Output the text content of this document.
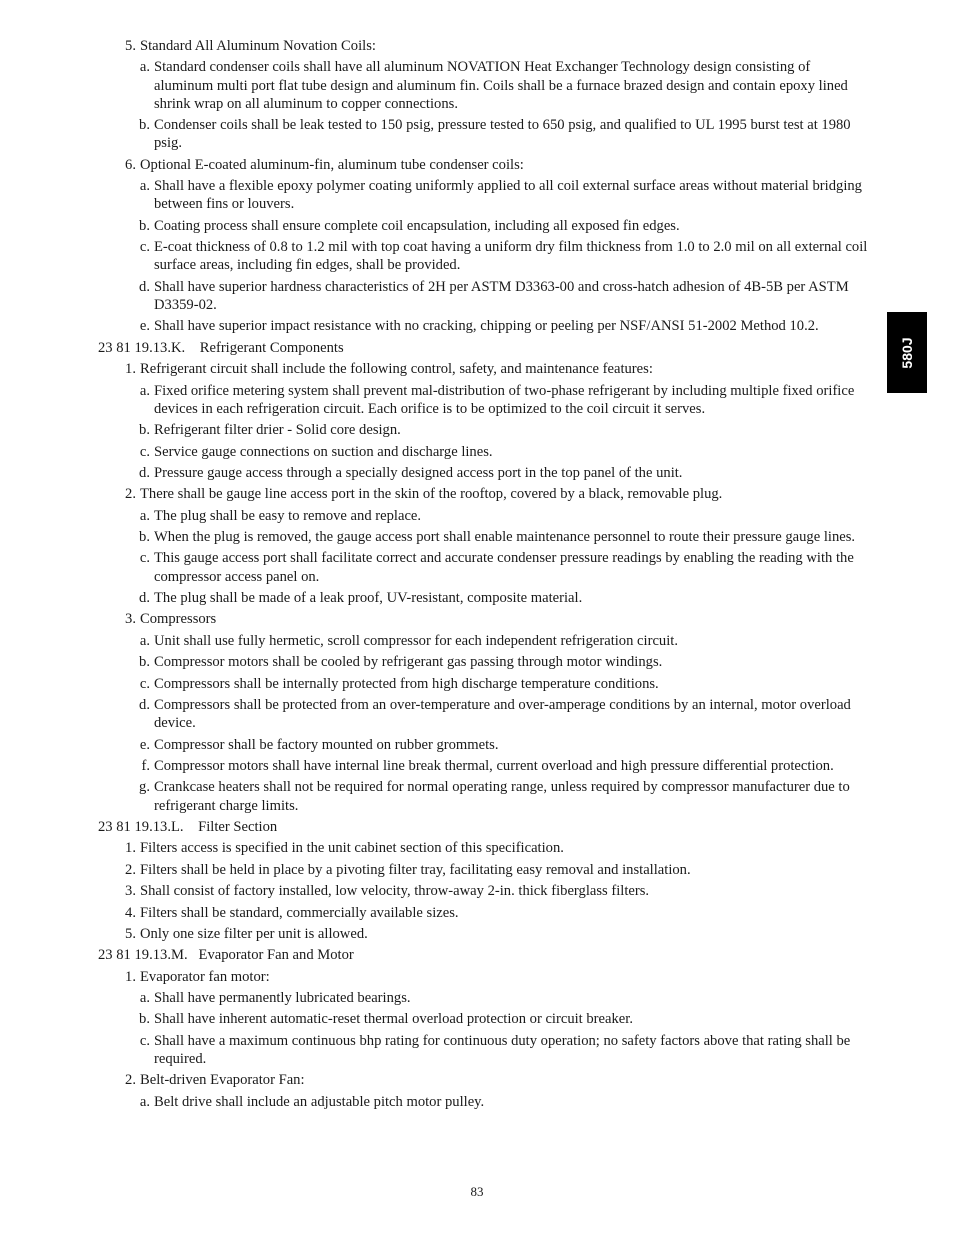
5. Standard All Aluminum Novation Coils:
a. Standard condenser coils shall have all aluminum NOVATION Heat Exchanger Technology design consisting of aluminum multi port flat tube design and aluminum fin. Coils shall be a furnace brazed design and contain epoxy lined shrink wrap on all aluminum to copper connections.
b. Condenser coils shall be leak tested to 150 psig, pressure tested to 650 psig, and qualified to UL 1995 burst test at 1980 psig.
6. Optional E-coated aluminum-fin, aluminum tube condenser coils:
a. Shall have a flexible epoxy polymer coating uniformly applied to all coil external surface areas without material bridging between fins or louvers.
b. Coating process shall ensure complete coil encapsulation, including all exposed fin edges.
c. E-coat thickness of 0.8 to 1.2 mil with top coat having a uniform dry film thickness from 1.0 to 2.0 mil on all external coil surface areas, including fin edges, shall be provided.
d. Shall have superior hardness characteristics of 2H per ASTM D3363-00 and cross-hatch adhesion of 4B-5B per ASTM D3359-02.
e. Shall have superior impact resistance with no cracking, chipping or peeling per NSF/ANSI 51-2002 Method 10.2.
23 81 19.13.K.    Refrigerant Components
1. Refrigerant circuit shall include the following control, safety, and maintenance features:
a. Fixed orifice metering system shall prevent mal-distribution of two-phase refrigerant by including multiple fixed orifice devices in each refrigeration circuit. Each orifice is to be optimized to the coil circuit it serves.
b. Refrigerant filter drier - Solid core design.
c. Service gauge connections on suction and discharge lines.
d. Pressure gauge access through a specially designed access port in the top panel of the unit.
2. There shall be gauge line access port in the skin of the rooftop, covered by a black, removable plug.
a. The plug shall be easy to remove and replace.
b. When the plug is removed, the gauge access port shall enable maintenance personnel to route their pressure gauge lines.
c. This gauge access port shall facilitate correct and accurate condenser pressure readings by enabling the reading with the compressor access panel on.
d. The plug shall be made of a leak proof, UV-resistant, composite material.
3. Compressors
a. Unit shall use fully hermetic, scroll compressor for each independent refrigeration circuit.
b. Compressor motors shall be cooled by refrigerant gas passing through motor windings.
c. Compressors shall be internally protected from high discharge temperature conditions.
d. Compressors shall be protected from an over-temperature and over-amperage conditions by an internal, motor overload device.
e. Compressor shall be factory mounted on rubber grommets.
f. Compressor motors shall have internal line break thermal, current overload and high pressure differential protection.
g. Crankcase heaters shall not be required for normal operating range, unless required by compressor manufacturer due to refrigerant charge limits.
23 81 19.13.L.    Filter Section
1. Filters access is specified in the unit cabinet section of this specification.
2. Filters shall be held in place by a pivoting filter tray, facilitating easy removal and installation.
3. Shall consist of factory installed, low velocity, throw-away 2-in. thick fiberglass filters.
4. Filters shall be standard, commercially available sizes.
5. Only one size filter per unit is allowed.
23 81 19.13.M.   Evaporator Fan and Motor
1. Evaporator fan motor:
a. Shall have permanently lubricated bearings.
b. Shall have inherent automatic-reset thermal overload protection or circuit breaker.
c. Shall have a maximum continuous bhp rating for continuous duty operation; no safety factors above that rating shall be required.
2. Belt-driven Evaporator Fan:
a. Belt drive shall include an adjustable pitch motor pulley.
580J
83
